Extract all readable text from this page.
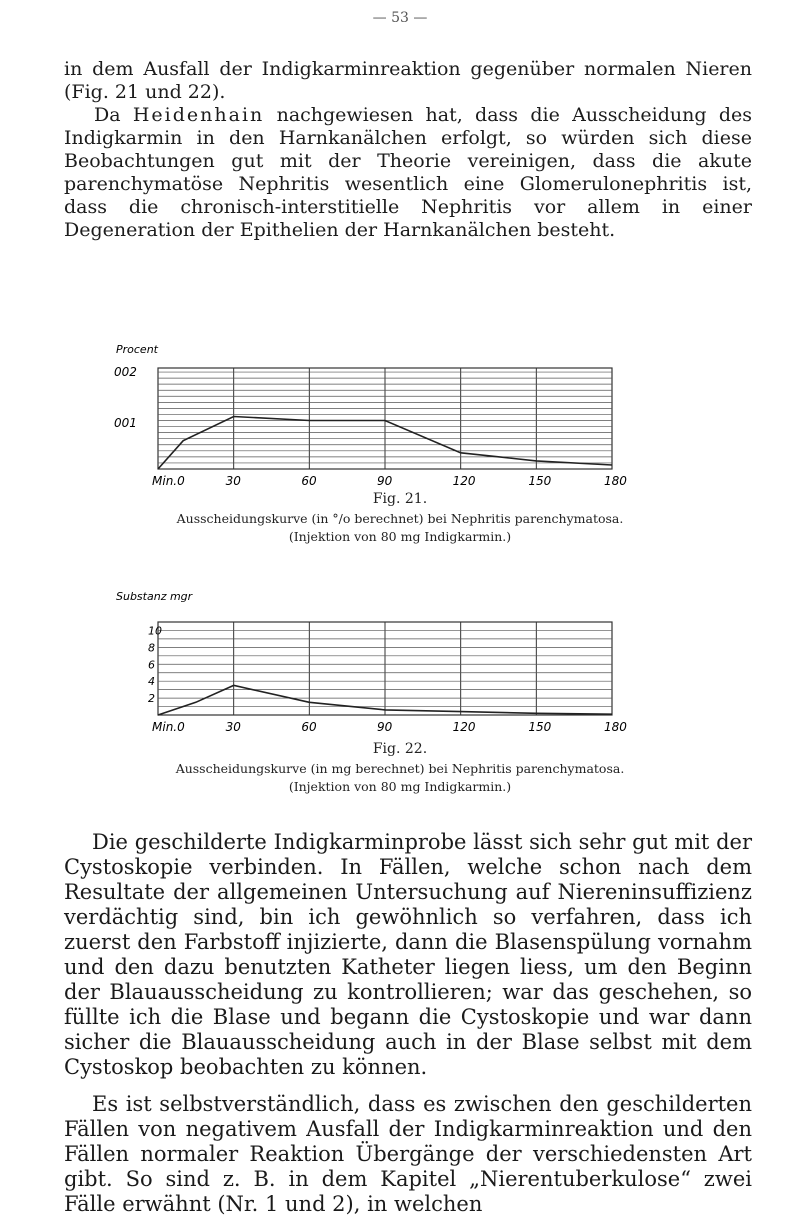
— 53 —

in dem Ausfall der Indigkarminreaktion gegenüber normalen Nieren (Fig. 21 und 22).

Da Heidenhain nachgewiesen hat, dass die Ausscheidung des Indigkarmin in den Harnkanälchen erfolgt, so würden sich diese Beobachtungen gut mit der Theorie vereinigen, dass die akute parenchymatöse Nephritis wesentlich eine Glomerulonephritis ist, dass die chronisch-interstitielle Nephritis vor allem in einer Degeneration der Epithelien der Harnkanälchen besteht.

Procent
002
001
Min.0	30	60	90	120	150	180
Fig. 21.
Ausscheidungskurve (in °/o berechnet) bei Nephritis parenchymatosa.
(Injektion von 80 mg Indigkarmin.)
Substanz mgr
10
8
6
4
2
Min.0	30	60	90	120	150	180
Fig. 22.
Ausscheidungskurve (in mg berechnet) bei Nephritis parenchymatosa.
(Injektion von 80 mg Indigkarmin.)

Die geschilderte Indigkarminprobe lässt sich sehr gut mit der Cystoskopie verbinden. In Fällen, welche schon nach dem Resultate der allgemeinen Untersuchung auf Niereninsuffizienz verdächtig sind, bin ich gewöhnlich so verfahren, dass ich zuerst den Farbstoff injizierte, dann die Blasenspülung vornahm und den dazu benutzten Katheter liegen liess, um den Beginn der Blauausscheidung zu kontrollieren; war das geschehen, so füllte ich die Blase und begann die Cystoskopie und war dann sicher die Blauausscheidung auch in der Blase selbst mit dem Cystoskop beobachten zu können.

Es ist selbstverständlich, dass es zwischen den geschilderten Fällen von negativem Ausfall der Indigkarminreaktion und den Fällen normaler Reaktion Übergänge der verschiedensten Art gibt. So sind z. B. in dem Kapitel „Nierentuberkulose“ zwei Fälle erwähnt (Nr. 1 und 2), in welchen
